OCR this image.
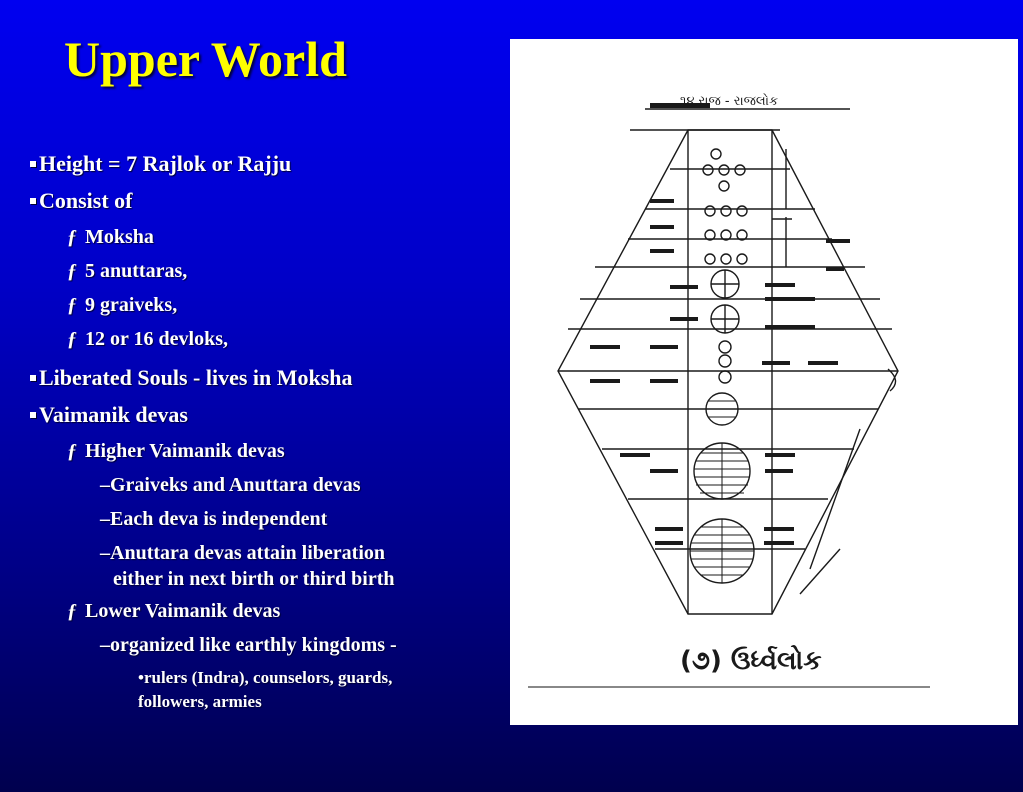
Upper World
Height = 7 Rajlok or Rajju
Consist of
ƒ Moksha
ƒ 5 anuttaras,
ƒ 9 graiveks,
ƒ 12 or 16 devloks,
Liberated Souls - lives in Moksha
Vaimanik devas
ƒ Higher Vaimanik devas
–Graiveks and Anuttara devas
–Each deva is independent
–Anuttara devas attain liberation
either in next birth or third birth
ƒ Lower Vaimanik devas
–organized like earthly kingdoms -
•rulers (Indra), counselors, guards,
followers, armies
૧૪ રાજ - રાજલોક
(૭) ઉર્ધ્વલોક
